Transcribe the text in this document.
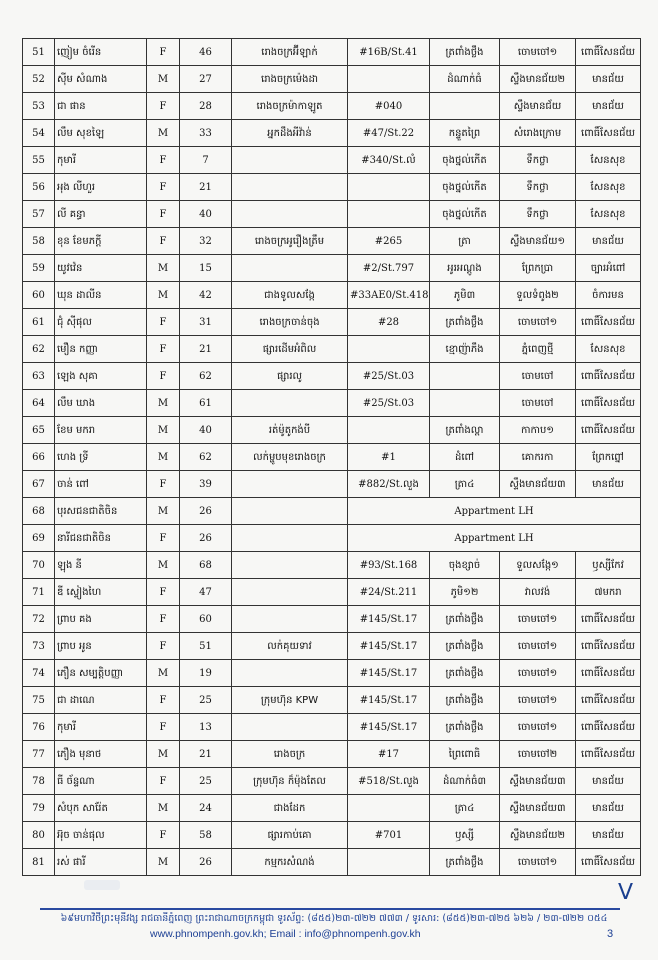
51	ញៀម ចំរើន	F	46	រោងចក្រអ៊ីឡាក់	#16B/St.41	ត្រពាំងថ្លឹង	ចោមចៅ១	ពោធិ៍សែនជ័យ
52	ស៊ីម សំណាង	M	27	រោងចក្រម៉េងដា		ដំណាក់ធំ	ស្ទឹងមានជ័យ២	មានជ័យ
53	ជា ផាន	F	28	រោងចក្រម៉ាកាឡូត	#040		ស្ទឹងមានជ័យ	មានជ័យ
54	លឹម សុខឡៃ	M	33	អ្នកដឹងអីវ៉ាន់	#47/St.22	កន្ទួតព្រៃ	សំរោងក្រោម	ពោធិ៍សែនជ័យ
55	កុមារី	F	7		#340/St.លំ	ចុងថ្នល់កើត	ទឹកថ្លា	សែនសុខ
56	អុង លីហួរ	F	21			ចុងថ្នល់កើត	ទឹកថ្លា	សែនសុខ
57	លី គន្ធា	F	40			ចុងថ្នល់កើត	ទឹកថ្លា	សែនសុខ
58	ខុន ខែមភក្តី	F	32	រោងចក្រអូរឿងត្រឹម	#265	ត្រា	ស្ទឹងមានជ័យ១	មានជ័យ
59	យូវវ៉េន	M	15		#2/St.797	អូរអណ្តូង	ព្រែកប្រា	ច្បារអំពៅ
60	ឃុន ដាលីន	M	42	ជាងទូលសង្កែ	#33AE0/St.418	ភូមិ៣	ទួលទំពូង២	ចំការមន
61	ជុំ ស៊ីផុល	F	31	រោងចក្រចាន់ចុង	#28	ត្រពាំងថ្លឹង	ចោមចៅ១	ពោធិ៍សែនជ័យ
62	មឿន កញ្ញា	F	21	ផ្សារដើមអំពិល		ខ្មោញ៉ាភឹង	ភ្នំពេញថ្មី	សែនសុខ
63	ឡេង សុគា	F	62	ផ្សារលូ	#25/St.03		ចោមចៅ	ពោធិ៍សែនជ័យ
64	លឹម ឃាង	M	61		#25/St.03		ចោមចៅ	ពោធិ៍សែនជ័យ
65	ខែម មករា	M	40	រត់ម៉ូតូកង់បី		ត្រពាំងល្ពា	កាកាប១	ពោធិ៍សែនជ័យ
66	ហេង ទ្រី	M	62	លក់ម្ហូបមុខរោងចក្រ	#1	ដំពៅ	គោករកា	ព្រែកព្នៅ
67	ចាន់ ពៅ	F	39		#882/St.លួង	ត្រា៤	ស្ទឹងមានជ័យ៣	មានជ័យ
68	បុរសជនជាតិចិន	M	26		Appartment LH			
69	នារីជនជាតិចិន	F	26		Appartment LH			
70	ឡុង នី	M	68		#93/St.168	ចុងខ្សាច់	ទួលសង្កែ១	ឫស្សីកែវ
71	ឌី ស្ទៀងហៃ	F	47		#24/St.211	ភូមិ១២	វាលវង់	៧មករា
72	ព្រាប គង	F	60		#145/St.17	ត្រពាំងថ្លឹង	ចោមចៅ១	ពោធិ៍សែនជ័យ
73	ព្រាប អូន	F	51	លក់គុយទាវ	#145/St.17	ត្រពាំងថ្លឹង	ចោមចៅ១	ពោធិ៍សែនជ័យ
74	ភឿន សម្បត្តិបញ្ញា	M	19		#145/St.17	ត្រពាំងថ្លឹង	ចោមចៅ១	ពោធិ៍សែនជ័យ
75	ជា ដាណេ	F	25	ក្រុមហ៊ុន KPW	#145/St.17	ត្រពាំងថ្លឹង	ចោមចៅ១	ពោធិ៍សែនជ័យ
76	កុមារី	F	13		#145/St.17	ត្រពាំងថ្លឹង	ចោមចៅ១	ពោធិ៍សែនជ័យ
77	ភឿង មុនាថ	M	21	រោងចក្រ	#17	ព្រៃពោធិ	ចោមចៅ២	ពោធិ៍សែនជ័យ
78	ធី ច័ន្ទណា	F	25	ក្រុមហ៊ុន ក៏ម៉ុងតែល	#518/St.លួង	ដំណាក់ធំ៣	ស្ទឹងមានជ័យ៣	មានជ័យ
79	សំបុក សារ៉ែត	M	24	ជាងដែក		ត្រា៤	ស្ទឹងមានជ័យ៣	មានជ័យ
80	អ៊ុច ចាន់ផុល	F	58	ផ្សារកាប់គោ	#701	ឫស្សី	ស្ទឹងមានជ័យ២	មានជ័យ
81	រស់ ផារី	M	26	កម្មករសំណង់		ត្រពាំងថ្លឹង	ចោមចៅ១	ពោធិ៍សែនជ័យ
ᐯ
៦៩មហាវិថីព្រះមុនីវង្ស រាជធានីភ្នំពេញ ព្រះរាជាណាចក្រកម្ពុជា ទូរស័ព្ទ: (៨៥៥)២៣-៧២២ ៧៧៣ / ទូរសារ: (៨៥៥)២៣-៧២៥ ៦២៦ / ២៣-៧២២ ០៥៤
www.phnompenh.gov.kh; Email : info@phnompenh.gov.kh	3
